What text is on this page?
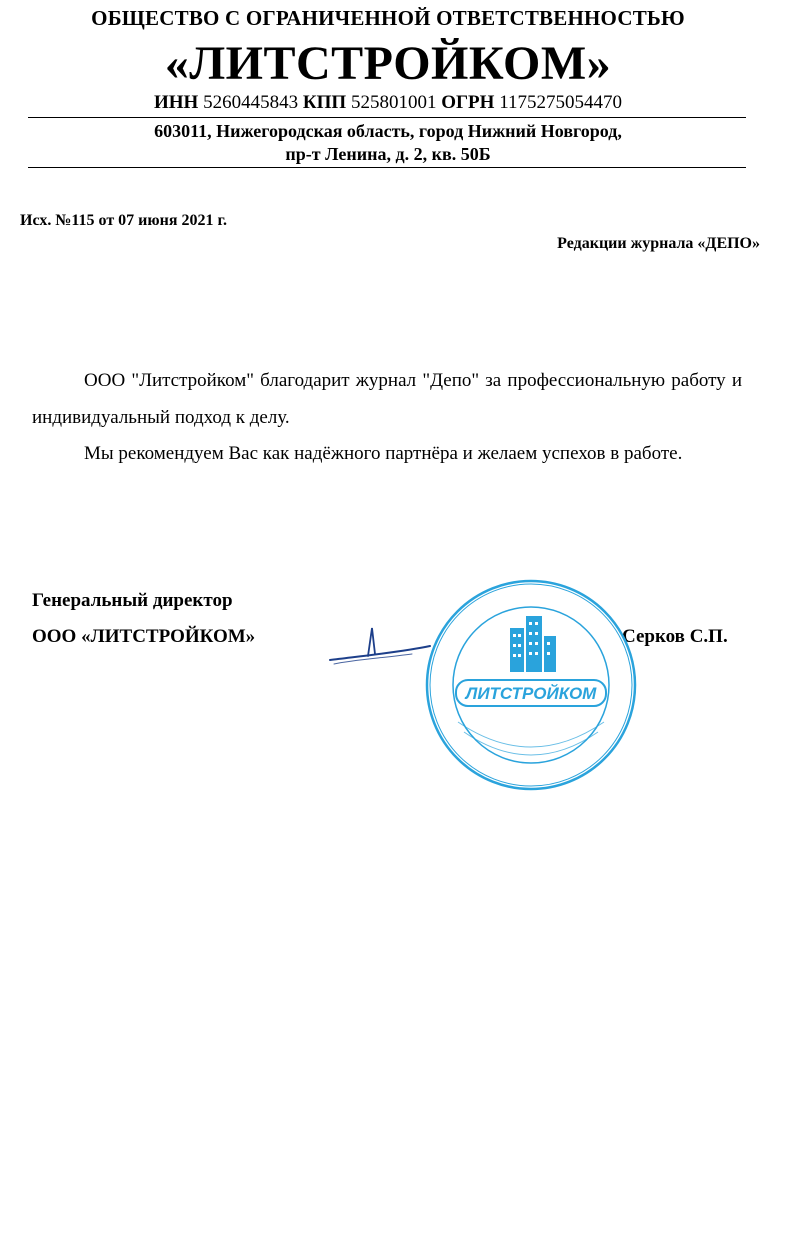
ОБЩЕСТВО С ОГРАНИЧЕННОЙ ОТВЕТСТВЕННОСТЬЮ
«ЛИТСТРОЙКОМ»
ИНН 5260445843 КПП 525801001 ОГРН 1175275054470
603011, Нижегородская область, город Нижний Новгород,
пр-т Ленина, д. 2, кв. 50Б
Исх. №115 от 07 июня 2021 г.
Редакции журнала «ДЕПО»
ООО "Литстройком" благодарит журнал "Депо" за профессиональную работу и индивидуальный подход к делу.
Мы рекомендуем Вас как надёжного партнёра и желаем успехов в работе.
Генеральный директор
ООО «ЛИТСТРОЙКОМ»	Серков С.П.
ЛИТСТРОЙКОМ
